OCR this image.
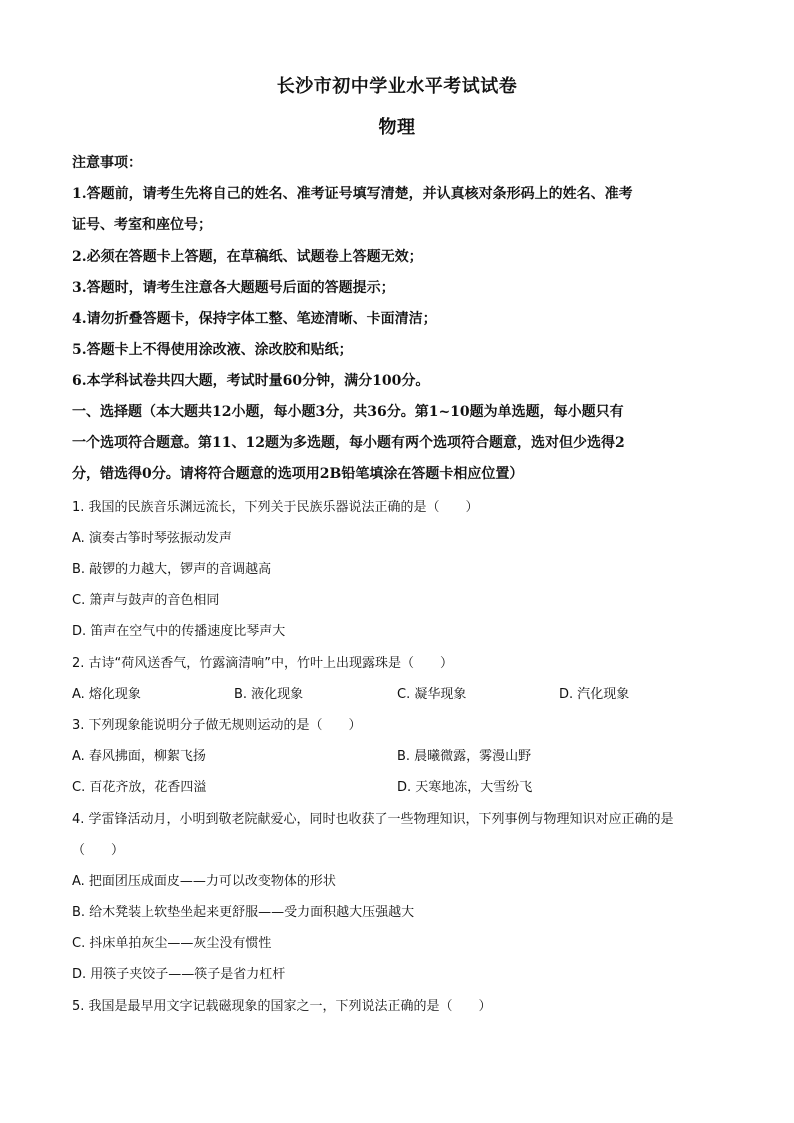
长沙市初中学业水平考试试卷
物理
注意事项：
1.答题前，请考生先将自己的姓名、准考证号填写清楚，并认真核对条形码上的姓名、准考
证号、考室和座位号；
2.必须在答题卡上答题，在草稿纸、试题卷上答题无效；
3.答题时，请考生注意各大题题号后面的答题提示；
4.请勿折叠答题卡，保持字体工整、笔迹清晰、卡面清洁；
5.答题卡上不得使用涂改液、涂改胶和贴纸；
6.本学科试卷共四大题，考试时量60分钟，满分100分。
一、选择题（本大题共12小题，每小题3分，共36分。第1~10题为单选题，每小题只有
一个选项符合题意。第11、12题为多选题，每小题有两个选项符合题意，选对但少选得2
分，错选得0分。请将符合题意的选项用2B铅笔填涂在答题卡相应位置）
1. 我国的民族音乐渊远流长，下列关于民族乐器说法正确的是（　　）
A. 演奏古筝时琴弦振动发声
B. 敲锣的力越大，锣声的音调越高
C. 箫声与鼓声的音色相同
D. 笛声在空气中的传播速度比琴声大
2. 古诗“荷风送香气，竹露滴清响”中，竹叶上出现露珠是（　　）
A. 熔化现象	B. 液化现象	C. 凝华现象	D. 汽化现象
3. 下列现象能说明分子做无规则运动的是（　　）
A. 春风拂面，柳絮飞扬	B. 晨曦微露，雾漫山野
C. 百花齐放，花香四溢	D. 天寒地冻，大雪纷飞
4. 学雷锋活动月，小明到敬老院献爱心，同时也收获了一些物理知识，下列事例与物理知识对应正确的是
（　　）
A. 把面团压成面皮——力可以改变物体的形状
B. 给木凳装上软垫坐起来更舒服——受力面积越大压强越大
C. 抖床单拍灰尘——灰尘没有惯性
D. 用筷子夹饺子——筷子是省力杠杆
5. 我国是最早用文字记载磁现象的国家之一，下列说法正确的是（　　）
